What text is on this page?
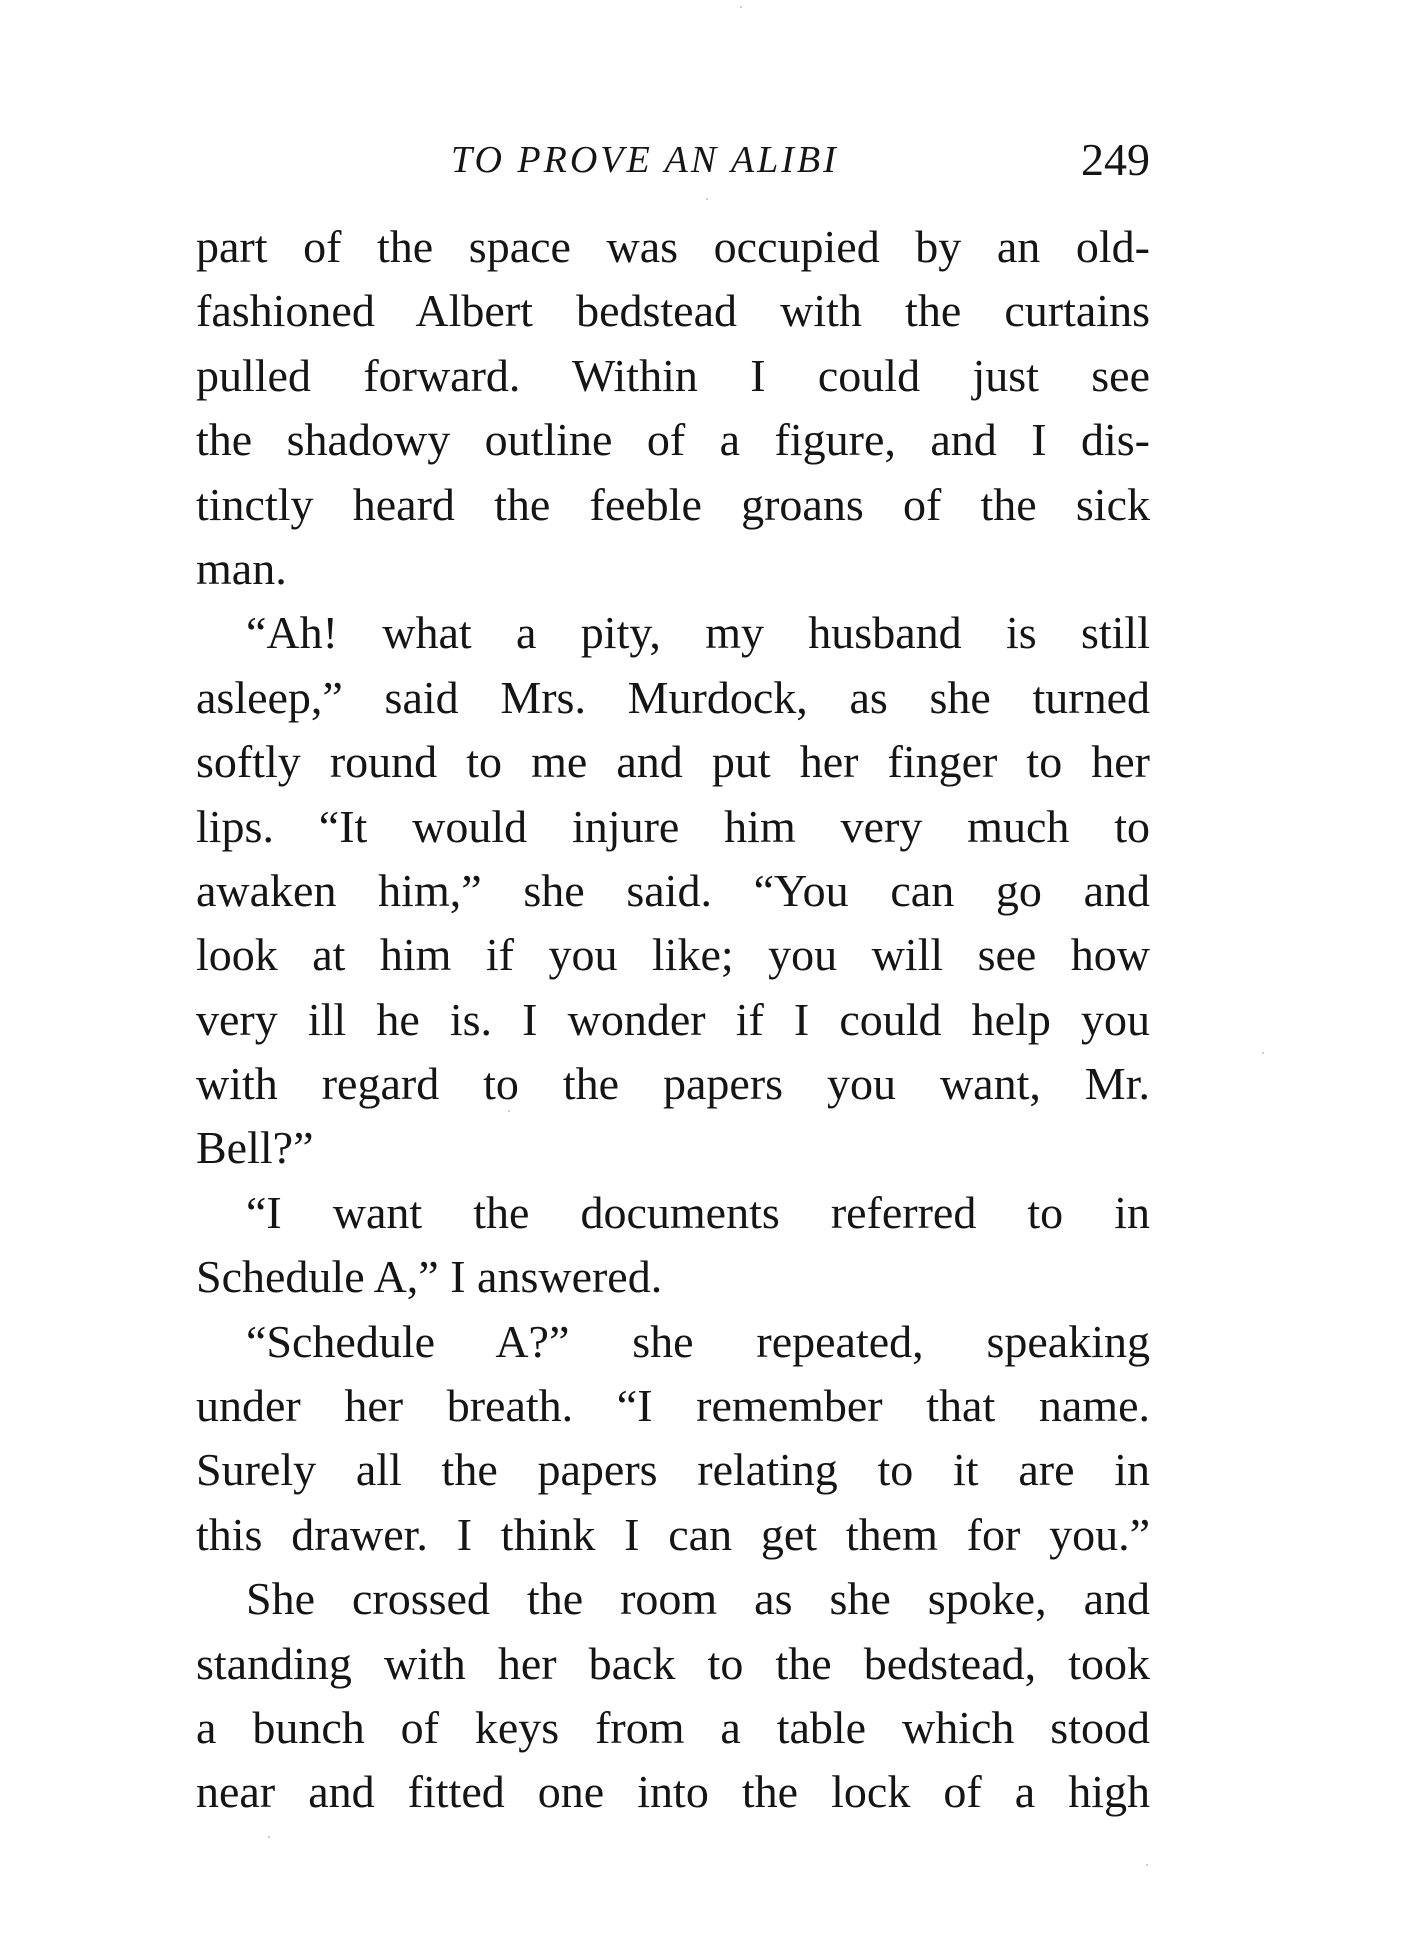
TO PROVE AN ALIBI	249
part of the space was occupied by an old-
fashioned Albert bedstead with the curtains
pulled forward. Within I could just see
the shadowy outline of a figure, and I dis-
tinctly heard the feeble groans of the sick
man.
“Ah! what a pity, my husband is still
asleep,” said Mrs. Murdock, as she turned
softly round to me and put her finger to her
lips. “It would injure him very much to
awaken him,” she said. “You can go and
look at him if you like; you will see how
very ill he is. I wonder if I could help you
with regard to the papers you want, Mr.
Bell?”
“I want the documents referred to in
Schedule A,” I answered.
“Schedule A?” she repeated, speaking
under her breath. “I remember that name.
Surely all the papers relating to it are in
this drawer. I think I can get them for you.”
She crossed the room as she spoke, and
standing with her back to the bedstead, took
a bunch of keys from a table which stood
near and fitted one into the lock of a high
